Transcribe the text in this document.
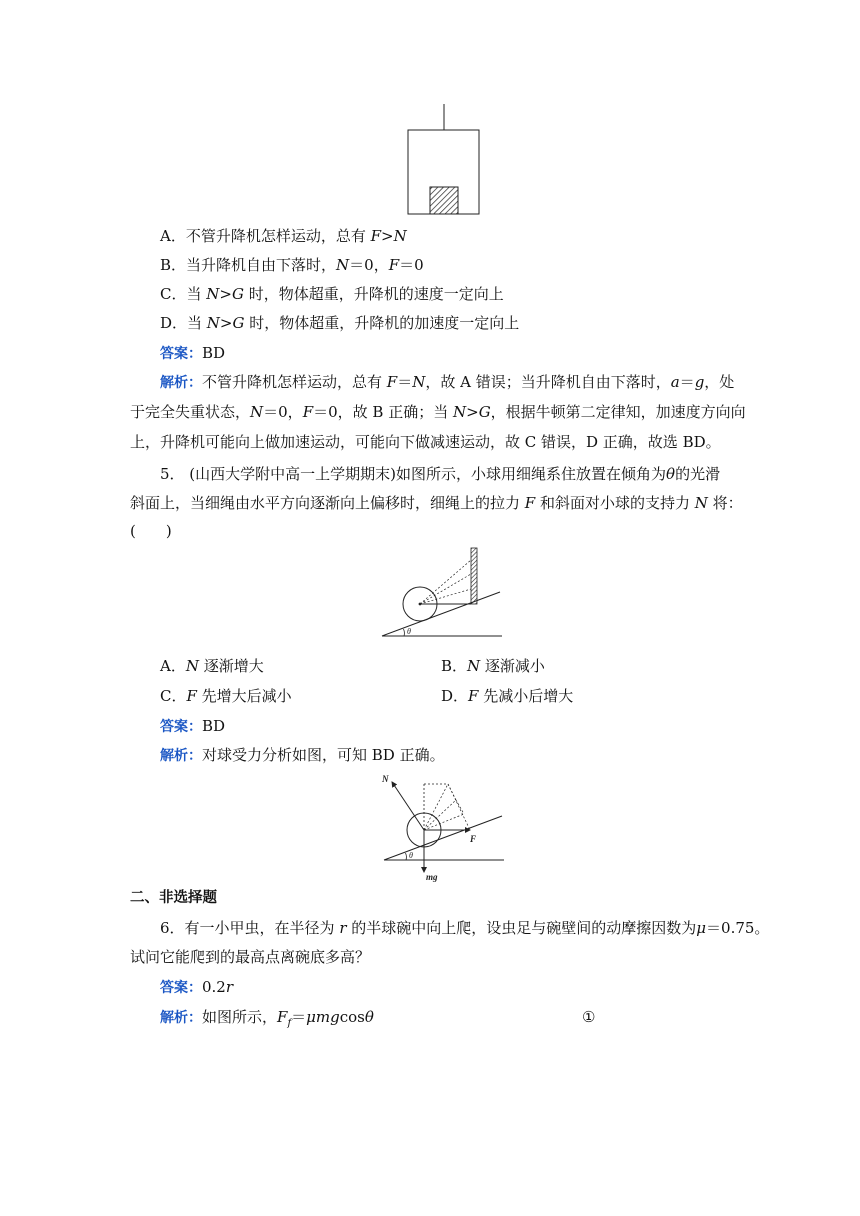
A．不管升降机怎样运动，总有 F>N
B．当升降机自由下落时，N＝0，F＝0
C．当 N>G 时，物体超重，升降机的速度一定向上
D．当 N>G 时，物体超重，升降机的加速度一定向上
答案：BD
解析：不管升降机怎样运动，总有 F＝N，故 A 错误；当升降机自由下落时，a＝g，处
于完全失重状态，N＝0，F＝0，故 B 正确；当 N>G，根据牛顿第二定律知，加速度方向向
上，升降机可能向上做加速运动，可能向下做减速运动，故 C 错误，D 正确，故选 BD。
5． (山西大学附中高一上学期期末)如图所示，小球用细绳系住放置在倾角为θ的光滑
斜面上，当细绳由水平方向逐渐向上偏移时，细绳上的拉力 F 和斜面对小球的支持力 N 将：
(　　)
θ
A．N 逐渐增大	B．N 逐渐减小
C．F 先增大后减小	D．F 先减小后增大
答案：BD
解析：对球受力分析如图，可知 BD 正确。
N
F
mg
θ
二、非选择题
6．有一小甲虫，在半径为 r 的半球碗中向上爬，设虫足与碗壁间的动摩擦因数为μ＝0.75。
试问它能爬到的最高点离碗底多高？
答案：0.2r
解析：如图所示，$F_f=\mu mgcos\theta$	①
